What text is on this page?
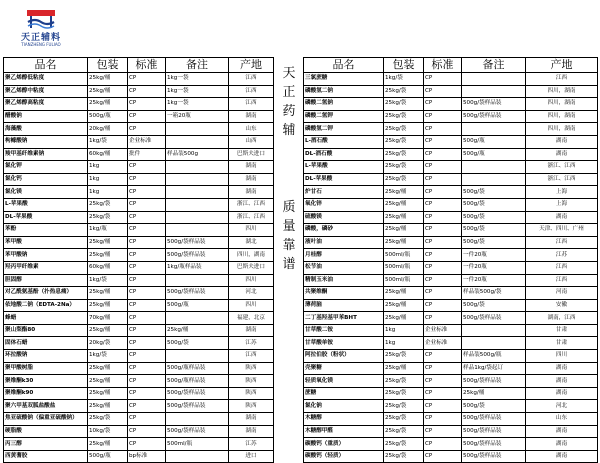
天正辅料
TIANZHENG FULIAO
品名	包装	标准	备注	产地
聚乙烯醇低粘度	25kg/桶	CP	1kg一袋	江西
聚乙烯醇中粘度	25kg/桶	CP	1kg一袋	江西
聚乙烯醇高粘度	25kg/桶	CP	1kg一袋	江西
醋酸钠	500g/瓶	CP	一箱20瓶	湖南
海藻酸	20kg/桶	CP		山东
枸橼酸钠	1kg/袋	企业标准		山西
羧甲基纤维素钠	60kg/桶	批件	样品装500g	巴斯夫进口
氯化钾	1kg	CP		湖南
氯化钙	1kg	CP		湖南
氯化镁	1kg	CP		湖南
L-苹果酸	25kg/袋	CP		浙江、江西
DL-苹果酸	25kg/袋	CP		浙江、江西
苯酚	1kg/瓶	CP		四川
苯甲酸	25kg/桶	CP	500g/袋样品装	湖北
苯甲酸钠	25kg/桶	CP	500g/袋样品装	四川，湖南
羟丙甲纤维素	60kg/桶	CP	1kg/瓶样品装	巴斯夫进口
胆固醇	1kg/袋	CP		四川
对乙酰氨基酚（扑热息痛）	25kg/桶	CP	500g/袋样品装	河北
依地酸二钠（EDTA-2Na）	25kg/桶	CP	500g/瓶	四川
蜂蜡	70kg/桶	CP		福建，北京
聚山梨酯80	25kg/桶	CP	25kg/桶	湖南
固体石蜡	20kg/袋	CP	500g/袋	江苏
环拉酸钠	1kg/袋	CP		江西
聚甲酸树脂	25kg/桶	CP	500g/瓶样品装	陕西
聚维酮k30	25kg/桶	CP	500g/瓶样品装	陕西
聚维酮k90	25kg/桶	CP	500g/袋样品装	陕西
聚六甲基双胍盐酸盐	25kg/桶	CP	500g/袋样品装	陕西
焦亚硫酸钠（偏重亚硫酸钠）	25kg/袋	CP		湖南
硬脂酸	10kg/袋	CP	500g/袋样品装	湖南
丙三醇	25kg/桶	CP	500ml/瓶	江苏
西黄蓍胶	500g/瓶	bp标准		进口
天
正
药
辅
质
量
靠
谱
品名	包装	标准	备注	产地
三氯蔗糖	1kg/袋	CP		江西
磷酸氢二钠	25kg/袋	CP		四川，湖南
磷酸二氢钠	25kg/袋	CP	500g/袋样品装	四川，湖南
磷酸二氢钾	25kg/袋	CP	500g/袋样品装	四川，湖南
磷酸氢二钾	25kg/袋	CP		四川，湖南
L-酒石酸	25kg/袋	CP	500g/瓶	湖南
DL-酒石酸	25kg/袋	CP	500g/瓶	湖南
L-苹果酸	25kg/袋	CP		浙江、江西
DL-苹果酸	25kg/袋	CP		浙江、江西
炉甘石	25kg/桶	CP	500g/袋	上海
氧化锌	25kg/桶	CP	500g/袋	上海
硫酸镁	25kg/桶	CP	500g/袋	湖南
磷酸，磷砂	25kg/桶	CP	500g/袋	天津、四川、广州
液叶油	25kg/桶	CP	500g/袋	江西
月桂醇	500ml/瓶	CP	一件20瓶	江苏
松节油	500ml/瓶	CP	一件20瓶	江西
精制玉米油	500ml/瓶	CP	一件20瓶	江西
共聚维酮	25kg/桶	CP	样品装500g/袋	河南
薄荷脑	25kg/桶	CP	500g/袋	安徽
二丁基羟基甲苯BHT	25kg/桶	CP	500g/袋样品装	湖南，江西
甘草酸二铵	1kg	企业标准		甘肃
甘草酸单铵	1kg	企业标准		甘肃
阿拉伯胶（粉状）	25kg/袋	CP	样品装500g/瓶	四川
壳聚糖	25kg/桶	CP	样品1kg/袋起订	湖南
轻质氧化镁	25kg/袋	CP	500g/袋样品装	湖南
蔗糖	25kg/袋	CP	25kg/桶	湖南
氯化钠	25kg/袋	CP	500g/袋	河北
木糖醇	25kg/袋	CP	500g/袋样品装	山东
木糖醇甲醛	25kg/袋	CP	500g/袋样品装	湖南
碳酸钙（重质）	25kg/袋	CP	500g/袋样品装	湖南
碳酸钙（轻质）	25kg/袋	CP	500g/袋样品装	湖南
